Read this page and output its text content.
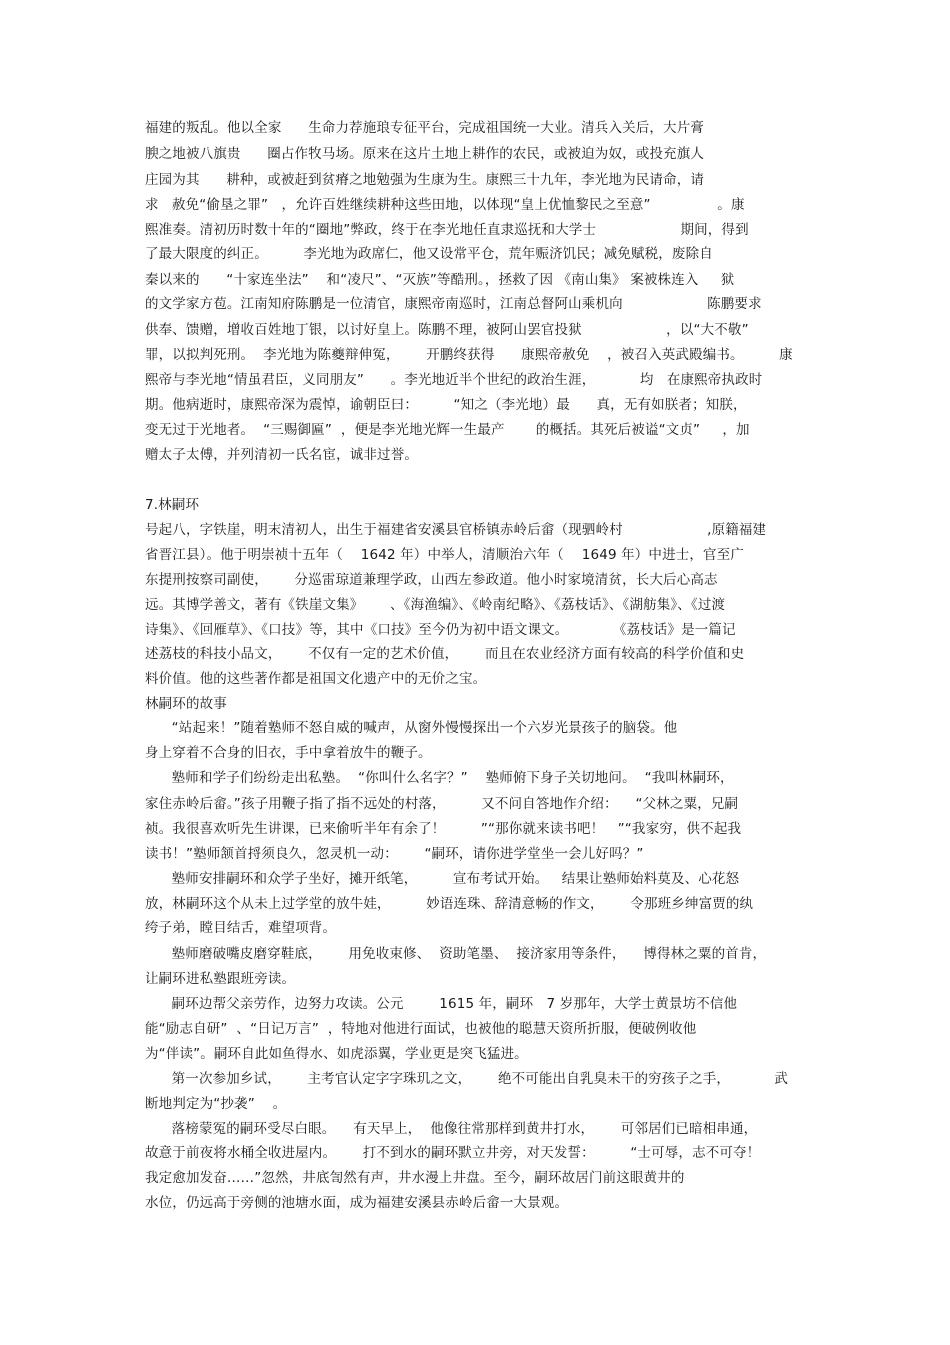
福建的叛乱。他以全家      生命力荐施琅专征平台，完成祖国统一大业。清兵入关后，大片膏
腴之地被八旗贵      圈占作牧马场。原来在这片土地上耕作的农民，或被迫为奴，或投充旗人
庄园为其      耕种，或被赶到贫瘠之地勉强为生康为生。康熙三十九年，李光地为民请命，请
求   赦免“偷垦之罪”   ，允许百姓继续耕种这些田地，以体现“皇上优恤黎民之至意”               。康
熙准奏。清初历时数十年的“圈地”弊政，终于在李光地任直隶巡抚和大学士                   期间，得到
了最大限度的纠正。        李光地为政席仁，他又设常平仓，荒年赈济饥民；减免赋税，废除自
秦以来的      “十家连坐法”    和“凌尺”、“灭族”等酷刑。，拯救了因 《南山集》 案被株连入     狱
的文学家方苞。江南知府陈鹏是一位清官，康熙帝南巡时，江南总督阿山乘机向                   陈鹏要求
供奉、馈赠，增收百姓地丁银，以讨好皇上。陈鹏不理，被阿山罢官投狱                   ，以“大不敬”
罪，以拟判死刑。  李光地为陈夔辩伸冤，      开鹏终获得      康熙帝赦免    ，被召入英武殿编书。        康
熙帝与李光地“情虽君臣，义同朋友”      。李光地近半个世纪的政治生涯，          均   在康熙帝执政时
期。他病逝时，康熙帝深为震悼，谕朝臣曰：        “知之（李光地）最      真，无有如朕者；知朕，
变无过于光地者。  “三赐御匾”  ，便是李光地光辉一生最产       的概括。其死后被谥“文贞”     ，加
赠太子太傅，并列清初一氏名宦，诚非过誉。
7.林嗣环
号起八，字铁崖，明末清初人，出生于福建省安溪县官桥镇赤岭后畲（现驷岭村                   ,原籍福建
省晋江县）。他于明崇祯十五年（    1642 年）中举人，清顺治六年（    1649 年）中进士，官至广
东提刑按察司副使，      分巡雷琼道兼理学政，山西左参政道。他小时家境清贫，长大后心高志
远。其博学善文，著有《铁崖文集》      、《海渔编》、《岭南纪略》、《荔枝话》、《湖舫集》、《过渡
诗集》、《回雁草》、《口技》等，其中《口技》至今仍为初中语文课文。          《荔枝话》是一篇记
述荔枝的科技小品文，      不仅有一定的艺术价值，      而且在农业经济方面有较高的科学价值和史
料价值。他的这些著作都是祖国文化遗产中的无价之宝。
林嗣环的故事
“站起来！”随着塾师不怒自威的喊声，从窗外慢慢探出一个六岁光景孩子的脑袋。他
身上穿着不合身的旧衣，手中拿着放牛的鞭子。
塾师和学子们纷纷走出私塾。  “你叫什么名字？”    塾师俯下身子关切地问。  “我叫林嗣环，
家住赤岭后畲。”孩子用鞭子指了指不远处的村落，        又不问自答地作介绍：    “父林之粟，兄嗣
祯。我很喜欢听先生讲课，已来偷听半年有余了！        ”“那你就来读书吧！   ”“我家穷，供不起我
读书！”塾师颔首捋须良久，忽灵机一动：      “嗣环，请你进学堂坐一会儿好吗？”
塾师安排嗣环和众学子坐好，摊开纸笔，        宣布考试开始。   结果让塾师始料莫及、心花怒
放，林嗣环这个从未上过学堂的放牛娃，        妙语连珠、辞清意畅的作文，      令那班乡绅富贾的纨
绔子弟，瞠目结舌，难望项背。
塾师磨破嘴皮磨穿鞋底，      用免收束修、  资助笔墨、  接济家用等条件，    博得林之粟的首肯，
让嗣环进私塾跟班旁读。
嗣环边帮父亲劳作，边努力攻读。公元        1615 年，嗣环   7 岁那年，大学士黄景坊不信他
能“励志自研”  、“日记万言”  ，特地对他进行面试，也被他的聪慧天资所折服，便破例收他
为“伴读”。嗣环自此如鱼得水、如虎添翼，学业更是突飞猛进。
第一次参加乡试，      主考官认定字字珠玑之文，      绝不可能出自乳臭未干的穷孩子之手，          武
断地判定为“抄袭”    。
落榜蒙冤的嗣环受尽白眼。    有天早上，  他像往常那样到黄井打水，      可邻居们已暗相串通，
故意于前夜将水桶全收进屋内。      打不到水的嗣环默立井旁，对天发誓：        “士可辱，志不可夺！
我定愈加发奋……”忽然，井底訇然有声，井水漫上井盘。至今，嗣环故居门前这眼黄井的
水位，仍远高于旁侧的池塘水面，成为福建安溪县赤岭后畲一大景观。
